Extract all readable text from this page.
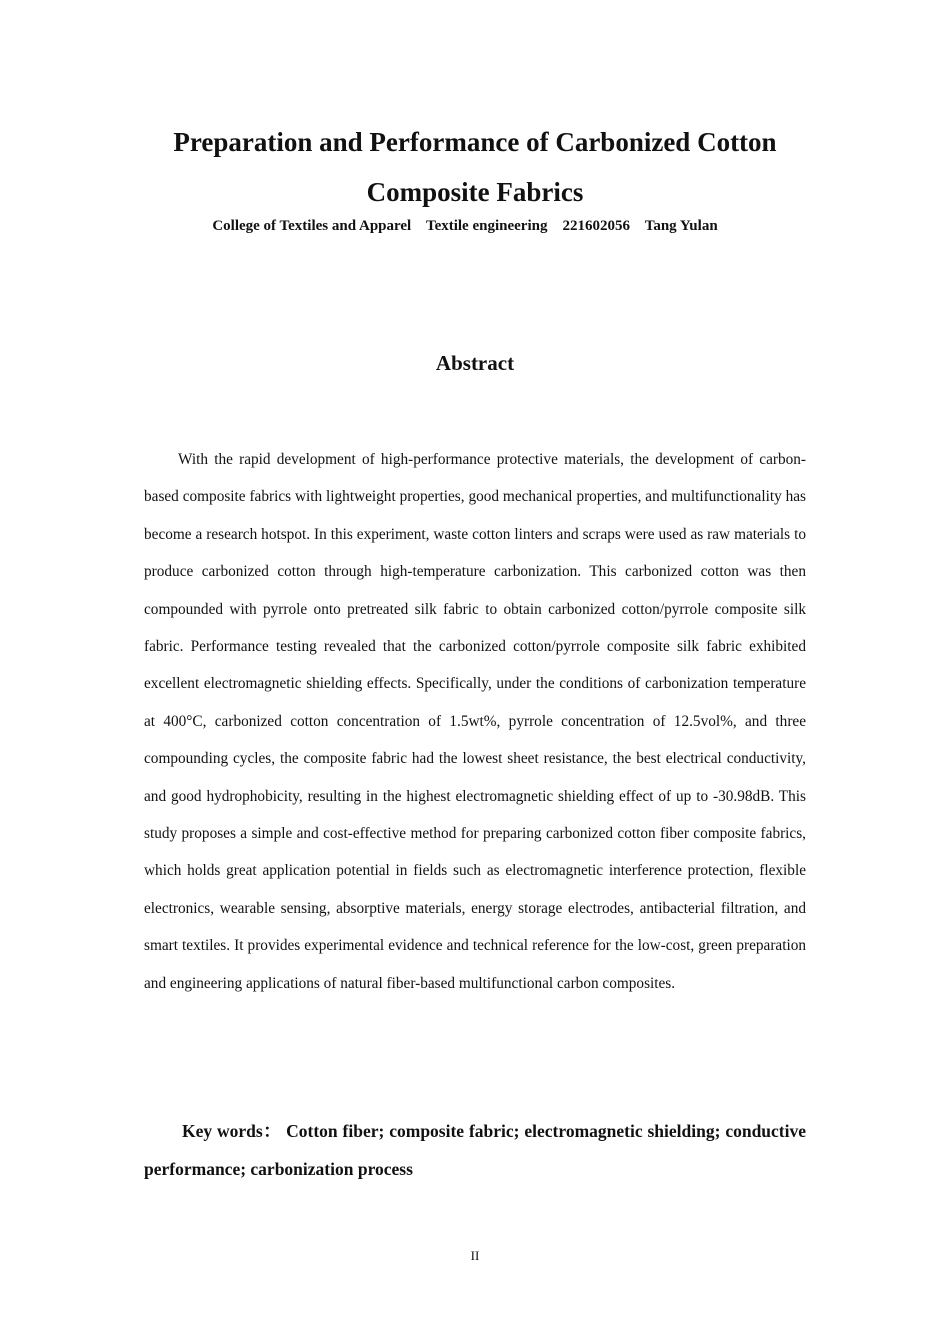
Preparation and Performance of Carbonized Cotton
Composite Fabrics

College of Textiles and Apparel    Textile engineering    221602056    Tang Yulan

Abstract

With the rapid development of high-performance protective materials, the development of carbon-based composite fabrics with lightweight properties, good mechanical properties, and multifunctionality has become a research hotspot. In this experiment, waste cotton linters and scraps were used as raw materials to produce carbonized cotton through high-temperature carbonization. This carbonized cotton was then compounded with pyrrole onto pretreated silk fabric to obtain carbonized cotton/pyrrole composite silk fabric. Performance testing revealed that the carbonized cotton/pyrrole composite silk fabric exhibited excellent electromagnetic shielding effects. Specifically, under the conditions of carbonization temperature at 400°C, carbonized cotton concentration of 1.5wt%, pyrrole concentration of 12.5vol%, and three compounding cycles, the composite fabric had the lowest sheet resistance, the best electrical conductivity, and good hydrophobicity, resulting in the highest electromagnetic shielding effect of up to -30.98dB. This study proposes a simple and cost-effective method for preparing carbonized cotton fiber composite fabrics, which holds great application potential in fields such as electromagnetic interference protection, flexible electronics, wearable sensing, absorptive materials, energy storage electrodes, antibacterial filtration, and smart textiles. It provides experimental evidence and technical reference for the low-cost, green preparation and engineering applications of natural fiber-based multifunctional carbon composites.

Key words： Cotton fiber; composite fabric; electromagnetic shielding; conductive performance; carbonization process

II
